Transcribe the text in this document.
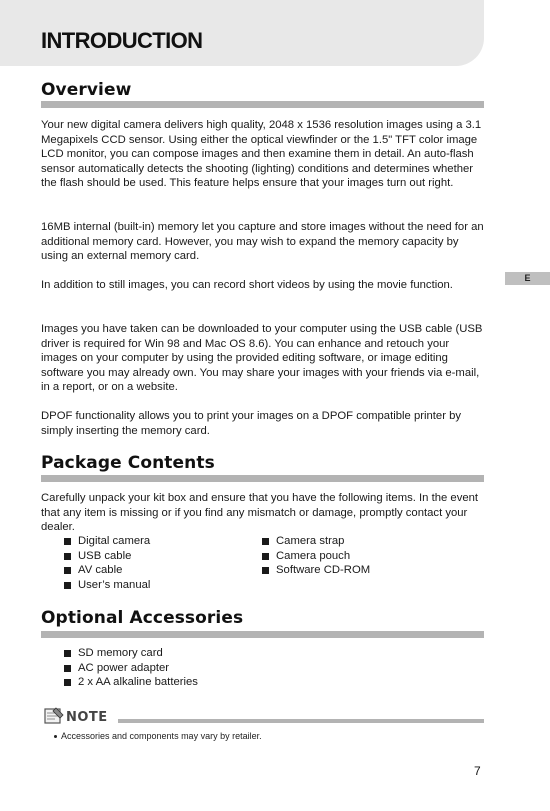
INTRODUCTION
E
Overview

Your new digital camera delivers high quality, 2048 x 1536 resolution images using a 3.1 Megapixels CCD sensor. Using either the optical viewfinder or the 1.5" TFT color image LCD monitor, you can compose images and then examine them in detail. An auto-flash sensor automatically detects the shooting (lighting) conditions and determines whether the flash should be used. This feature helps ensure that your images turn out right.

16MB internal (built-in) memory let you capture and store images without the need for an additional memory card. However, you may wish to expand the memory capacity by using an external memory card.

In addition to still images, you can record short videos by using the movie function.

Images you have taken can be downloaded to your computer using the USB cable (USB driver is required for Win 98 and Mac OS 8.6). You can enhance and retouch your images on your computer by using the provided editing software, or image editing software you may already own. You may share your images with your friends via e-mail, in a report, or on a website.

DPOF functionality allows you to print your images on a DPOF compatible printer by simply inserting the memory card.

Package Contents

Carefully unpack your kit box and ensure that you have the following items. In the event that any item is missing or if you find any mismatch or damage, promptly contact your dealer.

Digital camera
USB cable
AV cable
User’s manual
Camera strap
Camera pouch
Software CD-ROM
Optional Accessories
SD memory card
AC power adapter
2 x AA alkaline batteries
NOTE
Accessories and components may vary by retailer.
7
